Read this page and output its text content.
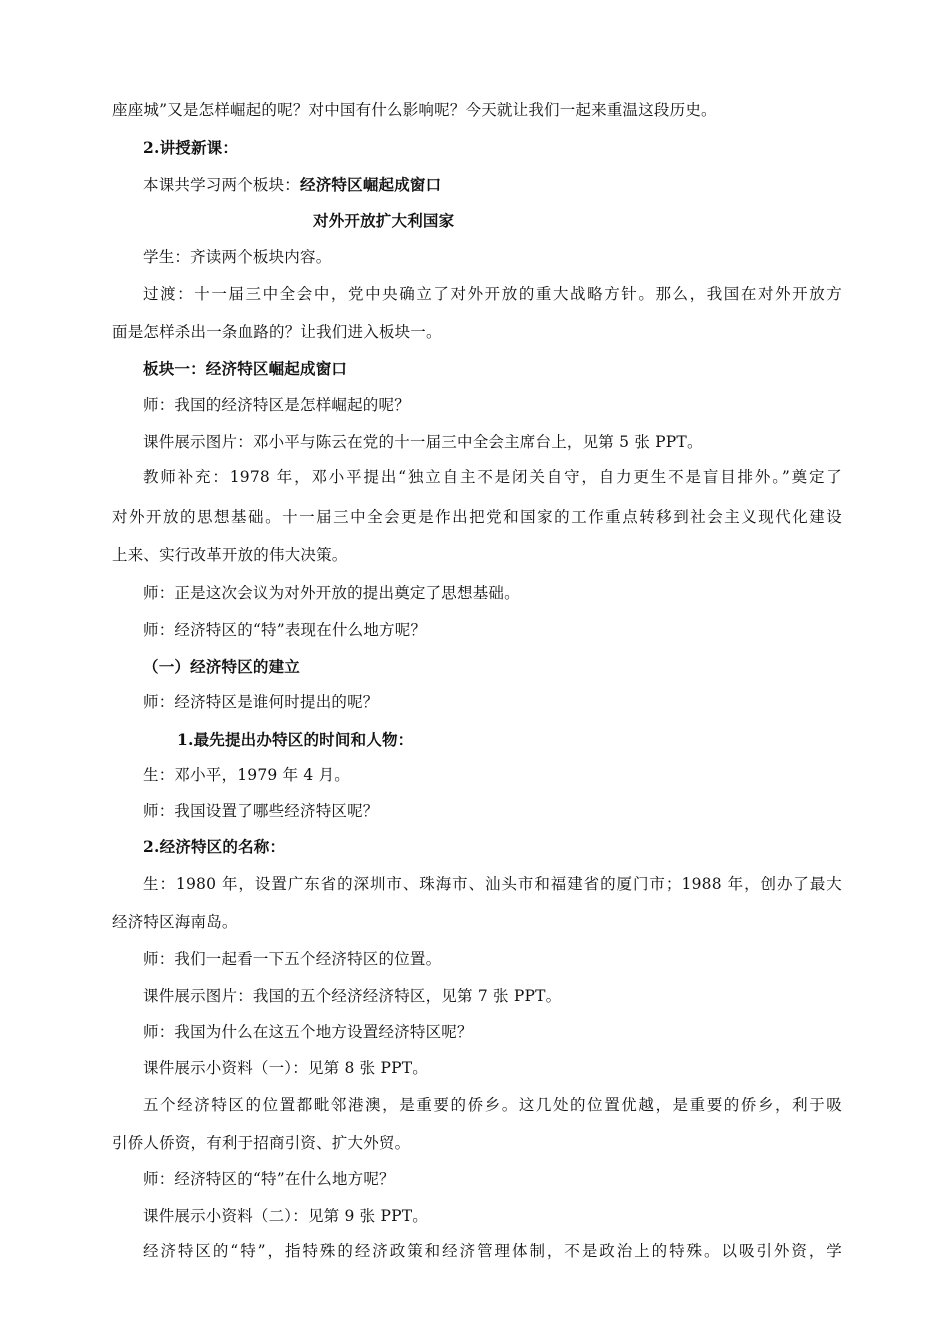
座座城”又是怎样崛起的呢？对中国有什么影响呢？今天就让我们一起来重温这段历史。
2.讲授新课：
本课共学习两个板块：经济特区崛起成窗口
对外开放扩大利国家
学生：齐读两个板块内容。
过渡：十一届三中全会中，党中央确立了对外开放的重大战略方针。那么，我国在对外开放方
面是怎样杀出一条血路的？让我们进入板块一。
板块一：经济特区崛起成窗口
师：我国的经济特区是怎样崛起的呢？
课件展示图片：邓小平与陈云在党的十一届三中全会主席台上，见第 5 张 PPT。
教师补充：1978 年，邓小平提出“独立自主不是闭关自守，自力更生不是盲目排外。”奠定了
对外开放的思想基础。十一届三中全会更是作出把党和国家的工作重点转移到社会主义现代化建设
上来、实行改革开放的伟大决策。
师：正是这次会议为对外开放的提出奠定了思想基础。
师：经济特区的“特”表现在什么地方呢？
（一）经济特区的建立
师：经济特区是谁何时提出的呢？
1.最先提出办特区的时间和人物：
生：邓小平，1979 年 4 月。
师：我国设置了哪些经济特区呢？
2.经济特区的名称：
生：1980 年，设置广东省的深圳市、珠海市、汕头市和福建省的厦门市；1988 年，创办了最大
经济特区海南岛。
师：我们一起看一下五个经济特区的位置。
课件展示图片：我国的五个经济经济特区，见第 7 张 PPT。
师：我国为什么在这五个地方设置经济特区呢？
课件展示小资料（一）：见第 8 张 PPT。
五个经济特区的位置都毗邻港澳，是重要的侨乡。这几处的位置优越，是重要的侨乡，利于吸
引侨人侨资，有利于招商引资、扩大外贸。
师：经济特区的“特”在什么地方呢？
课件展示小资料（二）：见第 9 张 PPT。
经济特区的“特”，指特殊的经济政策和经济管理体制，不是政治上的特殊。以吸引外资，学
